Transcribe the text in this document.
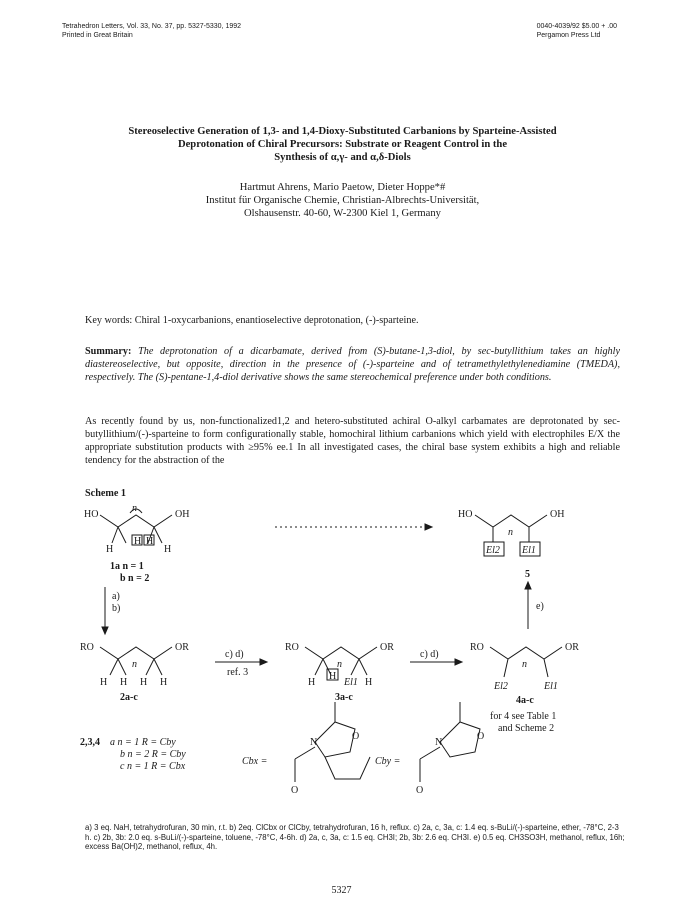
Tetrahedron Letters, Vol. 33, No. 37, pp. 5327-5330, 1992
Printed in Great Britain
0040-4039/92 $5.00 + .00
Pergamon Press Ltd
Stereoselective Generation of 1,3- and 1,4-Dioxy-Substituted Carbanions by Sparteine-Assisted
Deprotonation of Chiral Precursors: Substrate or Reagent Control in the
Synthesis of α,γ- and α,δ-Diols
Hartmut Ahrens, Mario Paetow, Dieter Hoppe*#
Institut für Organische Chemie, Christian-Albrechts-Universität,
Olshausenstr. 40-60, W-2300 Kiel 1, Germany
Key words: Chiral 1-oxycarbanions, enantioselective deprotonation, (-)-sparteine.
Summary: The deprotonation of a dicarbamate, derived from (S)-butane-1,3-diol, by sec-butyllithium takes an highly diastereoselective, but opposite, direction in the presence of (-)-sparteine and of tetramethylethylenediamine (TMEDA), respectively. The (S)-pentane-1,4-diol derivative shows the same stereochemical preference under both conditions.
As recently found by us, non-functionalized1,2 and hetero-substituted achiral O-alkyl carbamates are deprotonated by sec-butyllithium/(-)-sparteine to form configurationally stable, homochiral lithium carbanions which yield with electrophiles E/X the appropriate substitution products with ≥95% ee.1 In all investigated cases, the chiral base system exhibits a high and reliable tendency for the abstraction of the
Scheme 1
HO	OH
n
H
H H
H
1a n = 1
b n = 2
HO	OH
n
El2 El1
5
a)
b)	e)
RO	OR
n
H H H H
2a-c
c) d)
ref. 3
RO	OR
n
H
H
El1 H
3a-c
c) d)
RO	OR
n
El2	El1
4a-c
for 4 see Table 1
and Scheme 2
2,3,4 a n = 1 R = Cby
b n = 2 R = Cby
c n = 1 R = Cbx	Cbx =
N
O
O
Cby =
N
O
O
a) 3 eq. NaH, tetrahydrofuran, 30 min, r.t. b) 2eq. ClCbx or ClCby, tetrahydrofuran, 16 h, reflux. c) 2a, c, 3a, c: 1.4 eq. s-BuLi/(-)-sparteine, ether, -78°C, 2-3 h. c) 2b, 3b: 2.0 eq. s-BuLi/(-)-sparteine, toluene, -78°C, 4-6h. d) 2a, c, 3a, c: 1.5 eq. CH3I; 2b, 3b: 2.6 eq. CH3I. e) 0.5 eq. CH3SO3H, methanol, reflux, 16h; excess Ba(OH)2, methanol, reflux, 4h.
5327
